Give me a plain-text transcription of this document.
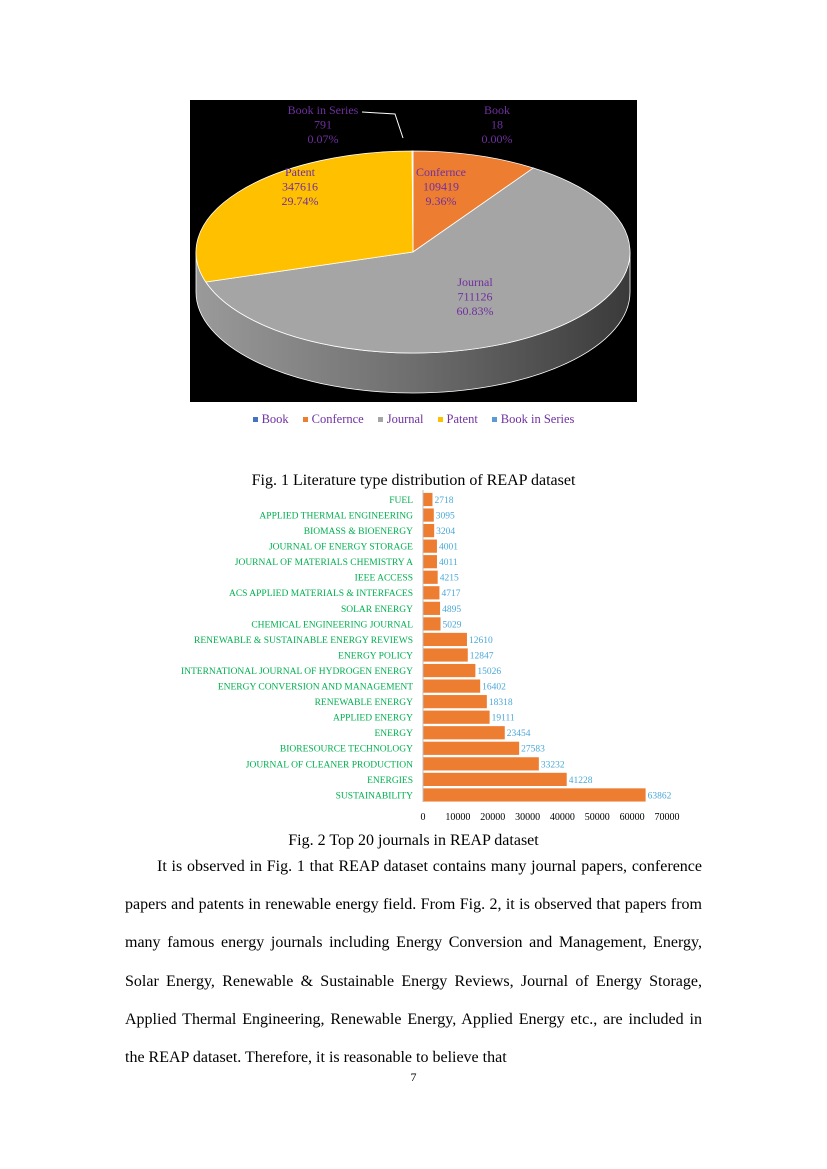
Book 18 0.00%
Confernce 109419 9.36%
Journal 711126 60.83%
Patent 347616 29.74%
Book in Series 791 0.07%
Book Confernce Journal Patent Book in Series
Fig. 1 Literature type distribution of REAP dataset
FUEL 2718
APPLIED THERMAL ENGINEERING 3095
BIOMASS & BIOENERGY 3204
JOURNAL OF ENERGY STORAGE	4001
JOURNAL OF MATERIALS CHEMISTRY A	4011
IEEE ACCESS	4215
ACS APPLIED MATERIALS & INTERFACES	4717
SOLAR ENERGY	4895
CHEMICAL ENGINEERING JOURNAL	5029
RENEWABLE & SUSTAINABLE ENERGY REVIEWS	12610
ENERGY POLICY	12847
INTERNATIONAL JOURNAL OF HYDROGEN ENERGY	15026
ENERGY CONVERSION AND MANAGEMENT	16402
RENEWABLE ENERGY	18318
APPLIED ENERGY	19111
ENERGY	23454
BIORESOURCE TECHNOLOGY	27583
JOURNAL OF CLEANER PRODUCTION	33232
ENERGIES	41228
SUSTAINABILITY	63862
0 10000 20000 30000 40000 50000 60000 70000
Fig. 2 Top 20 journals in REAP dataset

It is observed in Fig. 1 that REAP dataset contains many journal papers, conference papers and patents in renewable energy field. From Fig. 2, it is observed that papers from many famous energy journals including Energy Conversion and Management, Energy, Solar Energy, Renewable & Sustainable Energy Reviews, Journal of Energy Storage, Applied Thermal Engineering, Renewable Energy, Applied Energy etc., are included in the REAP dataset. Therefore, it is reasonable to believe that

7
